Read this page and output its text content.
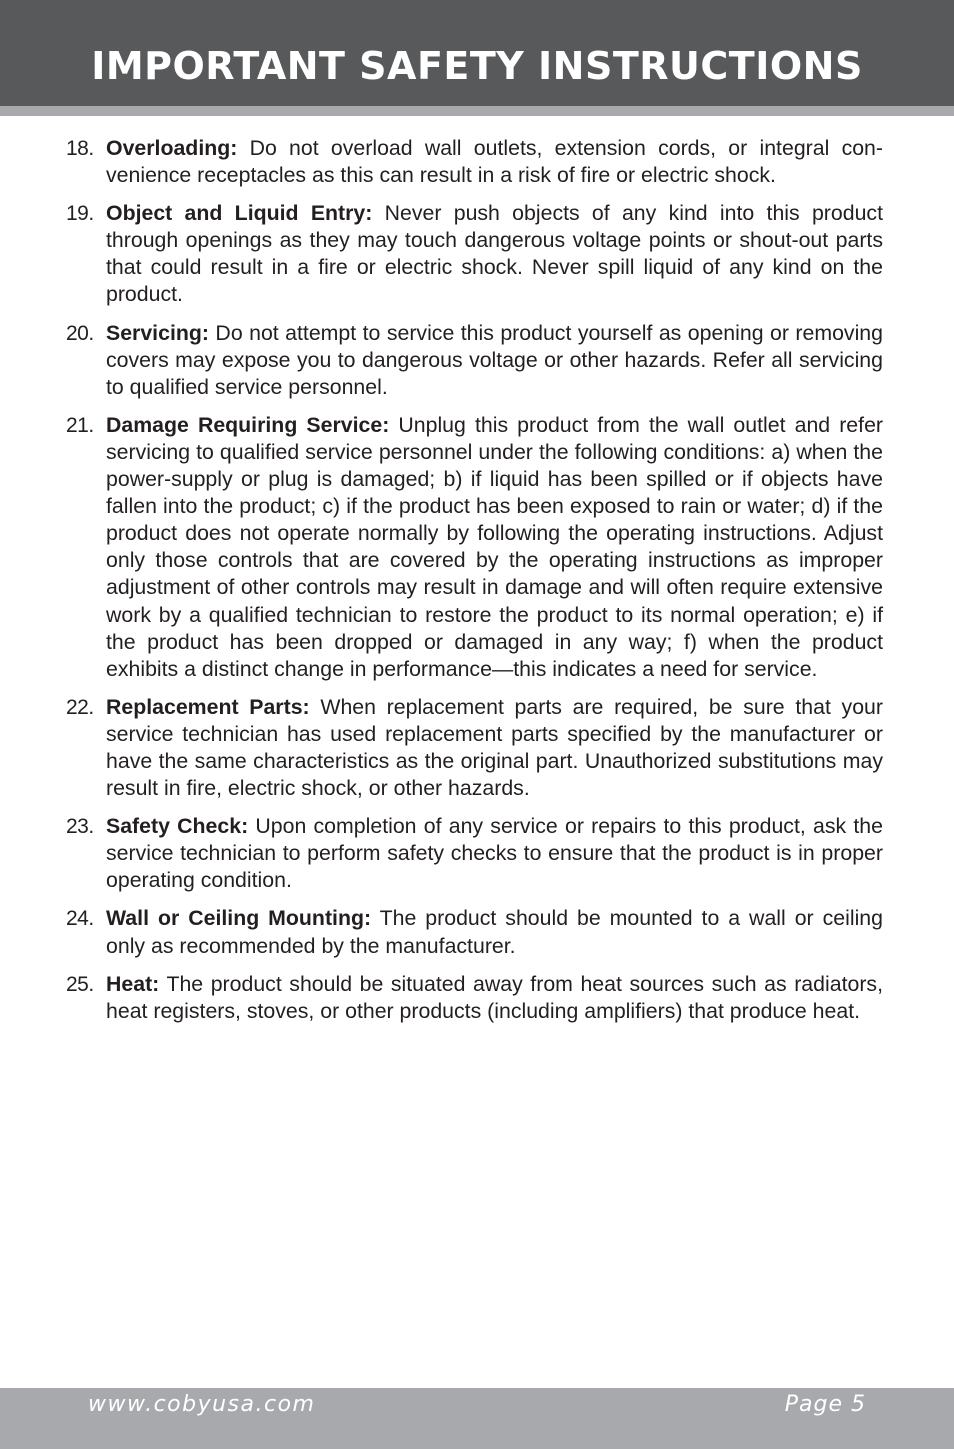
IMPORTANT SAFETY INSTRUCTIONS
18. Overloading: Do not overload wall outlets, extension cords, or integral convenience receptacles as this can result in a risk of fire or electric shock.

19. Object and Liquid Entry: Never push objects of any kind into this product through openings as they may touch dangerous voltage points or shout-out parts that could result in a fire or electric shock. Never spill liquid of any kind on the product.

20. Servicing: Do not attempt to service this product yourself as opening or removing covers may expose you to dangerous voltage or other hazards. Refer all servicing to qualified service personnel.

21. Damage Requiring Service: Unplug this product from the wall outlet and refer servicing to qualified service personnel under the following conditions: a) when the power-supply or plug is damaged; b) if liquid has been spilled or if objects have fallen into the product; c) if the product has been exposed to rain or water; d) if the product does not operate normally by following the operating instructions. Adjust only those controls that are covered by the operating instructions as improper adjustment of other controls may result in damage and will often require extensive work by a qualified technician to restore the product to its normal operation; e) if the product has been dropped or damaged in any way; f) when the product exhibits a distinct change in performance—this indicates a need for service.

22. Replacement Parts: When replacement parts are required, be sure that your service technician has used replacement parts specified by the manufacturer or have the same characteristics as the original part. Unauthorized substitutions may result in fire, electric shock, or other hazards.

23. Safety Check: Upon completion of any service or repairs to this product, ask the service technician to perform safety checks to ensure that the product is in proper operating condition.

24. Wall or Ceiling Mounting: The product should be mounted to a wall or ceiling only as recommended by the manufacturer.

25. Heat: The product should be situated away from heat sources such as radiators, heat registers, stoves, or other products (including amplifiers) that produce heat.

www.cobyusa.com	Page 5
